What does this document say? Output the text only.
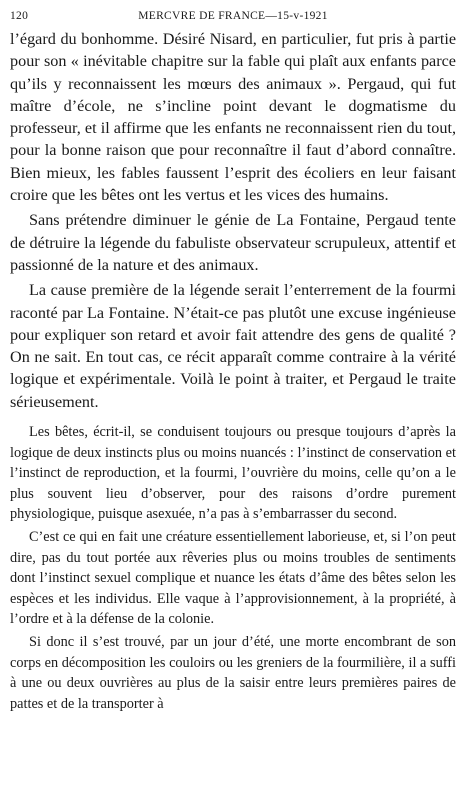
120	MERCVRE DE FRANCE—15-v-1921

l’égard du bonhomme. Désiré Nisard, en particulier, fut pris à partie pour son « inévitable chapitre sur la fable qui plaît aux enfants parce qu’ils y reconnaissent les mœurs des animaux ». Pergaud, qui fut maître d’école, ne s’incline point devant le dogmatisme du professeur, et il affirme que les enfants ne reconnaissent rien du tout, pour la bonne raison que pour reconnaître il faut d’abord connaître. Bien mieux, les fables faussent l’esprit des écoliers en leur faisant croire que les bêtes ont les vertus et les vices des humains.

Sans prétendre diminuer le génie de La Fontaine, Pergaud tente de détruire la légende du fabuliste observateur scrupuleux, attentif et passionné de la nature et des animaux.

La cause première de la légende serait l’enterrement de la fourmi raconté par La Fontaine. N’était-ce pas plutôt une excuse ingénieuse pour expliquer son retard et avoir fait attendre des gens de qualité ? On ne sait. En tout cas, ce récit apparaît comme contraire à la vérité logique et expérimentale. Voilà le point à traiter, et Pergaud le traite sérieusement.

Les bêtes, écrit-il, se conduisent toujours ou presque toujours d’après la logique de deux instincts plus ou moins nuancés : l’instinct de conservation et l’instinct de reproduction, et la fourmi, l’ouvrière du moins, celle qu’on a le plus souvent lieu d’observer, pour des raisons d’ordre purement physiologique, puisque asexuée, n’a pas à s’embarrasser du second.

C’est ce qui en fait une créature essentiellement laborieuse, et, si l’on peut dire, pas du tout portée aux rêveries plus ou moins troubles de sentiments dont l’instinct sexuel complique et nuance les états d’âme des bêtes selon les espèces et les individus. Elle vaque à l’approvisionnement, à la propriété, à l’ordre et à la défense de la colonie.

Si donc il s’est trouvé, par un jour d’été, une morte encombrant de son corps en décomposition les couloirs ou les greniers de la fourmilière, il a suffi à une ou deux ouvrières au plus de la saisir entre leurs premières paires de pattes et de la transporter à
